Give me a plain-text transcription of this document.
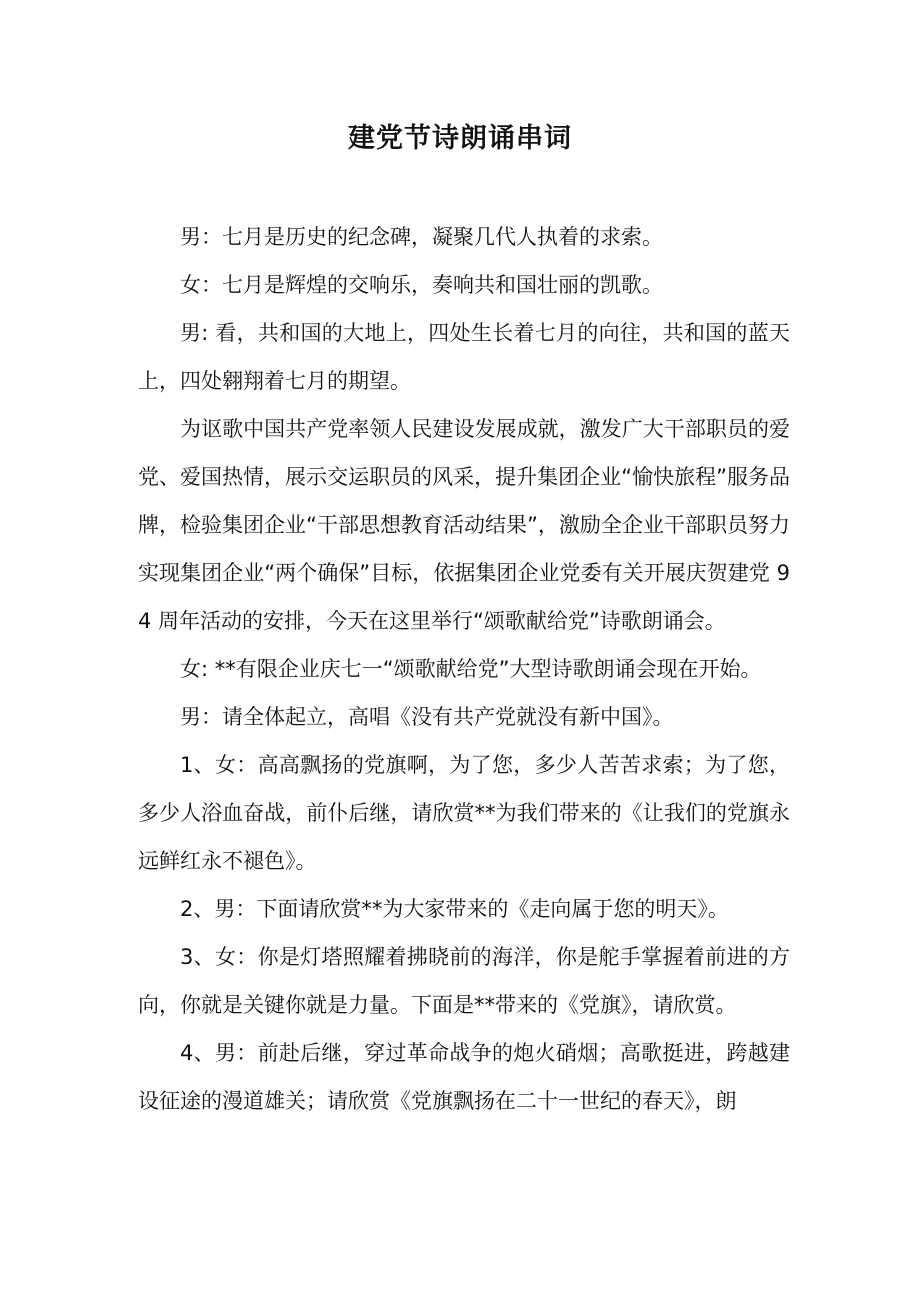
建党节诗朗诵串词

男：七月是历史的纪念碑，凝聚几代人执着的求索。

女：七月是辉煌的交响乐，奏响共和国壮丽的凯歌。

男: 看，共和国的大地上，四处生长着七月的向往，共和国的蓝天上，四处翱翔着七月的期望。

为讴歌中国共产党率领人民建设发展成就，激发广大干部职员的爱党、爱国热情，展示交运职员的风采，提升集团企业“愉快旅程”服务品牌，检验集团企业“干部思想教育活动结果”，激励全企业干部职员努力实现集团企业“两个确保”目标，依据集团企业党委有关开展庆贺建党 94 周年活动的安排，今天在这里举行“颂歌献给党”诗歌朗诵会。

女: **有限企业庆七一“颂歌献给党”大型诗歌朗诵会现在开始。

男：请全体起立，高唱《没有共产党就没有新中国》。

1、女：高高飘扬的党旗啊，为了您，多少人苦苦求索；为了您，多少人浴血奋战，前仆后继，请欣赏**为我们带来的《让我们的党旗永远鲜红永不褪色》。

2、男：下面请欣赏**为大家带来的《走向属于您的明天》。

3、女：你是灯塔照耀着拂晓前的海洋，你是舵手掌握着前进的方向，你就是关键你就是力量。下面是**带来的《党旗》，请欣赏。

4、男：前赴后继，穿过革命战争的炮火硝烟；高歌挺进，跨越建设征途的漫道雄关；请欣赏《党旗飘扬在二十一世纪的春天》，朗
